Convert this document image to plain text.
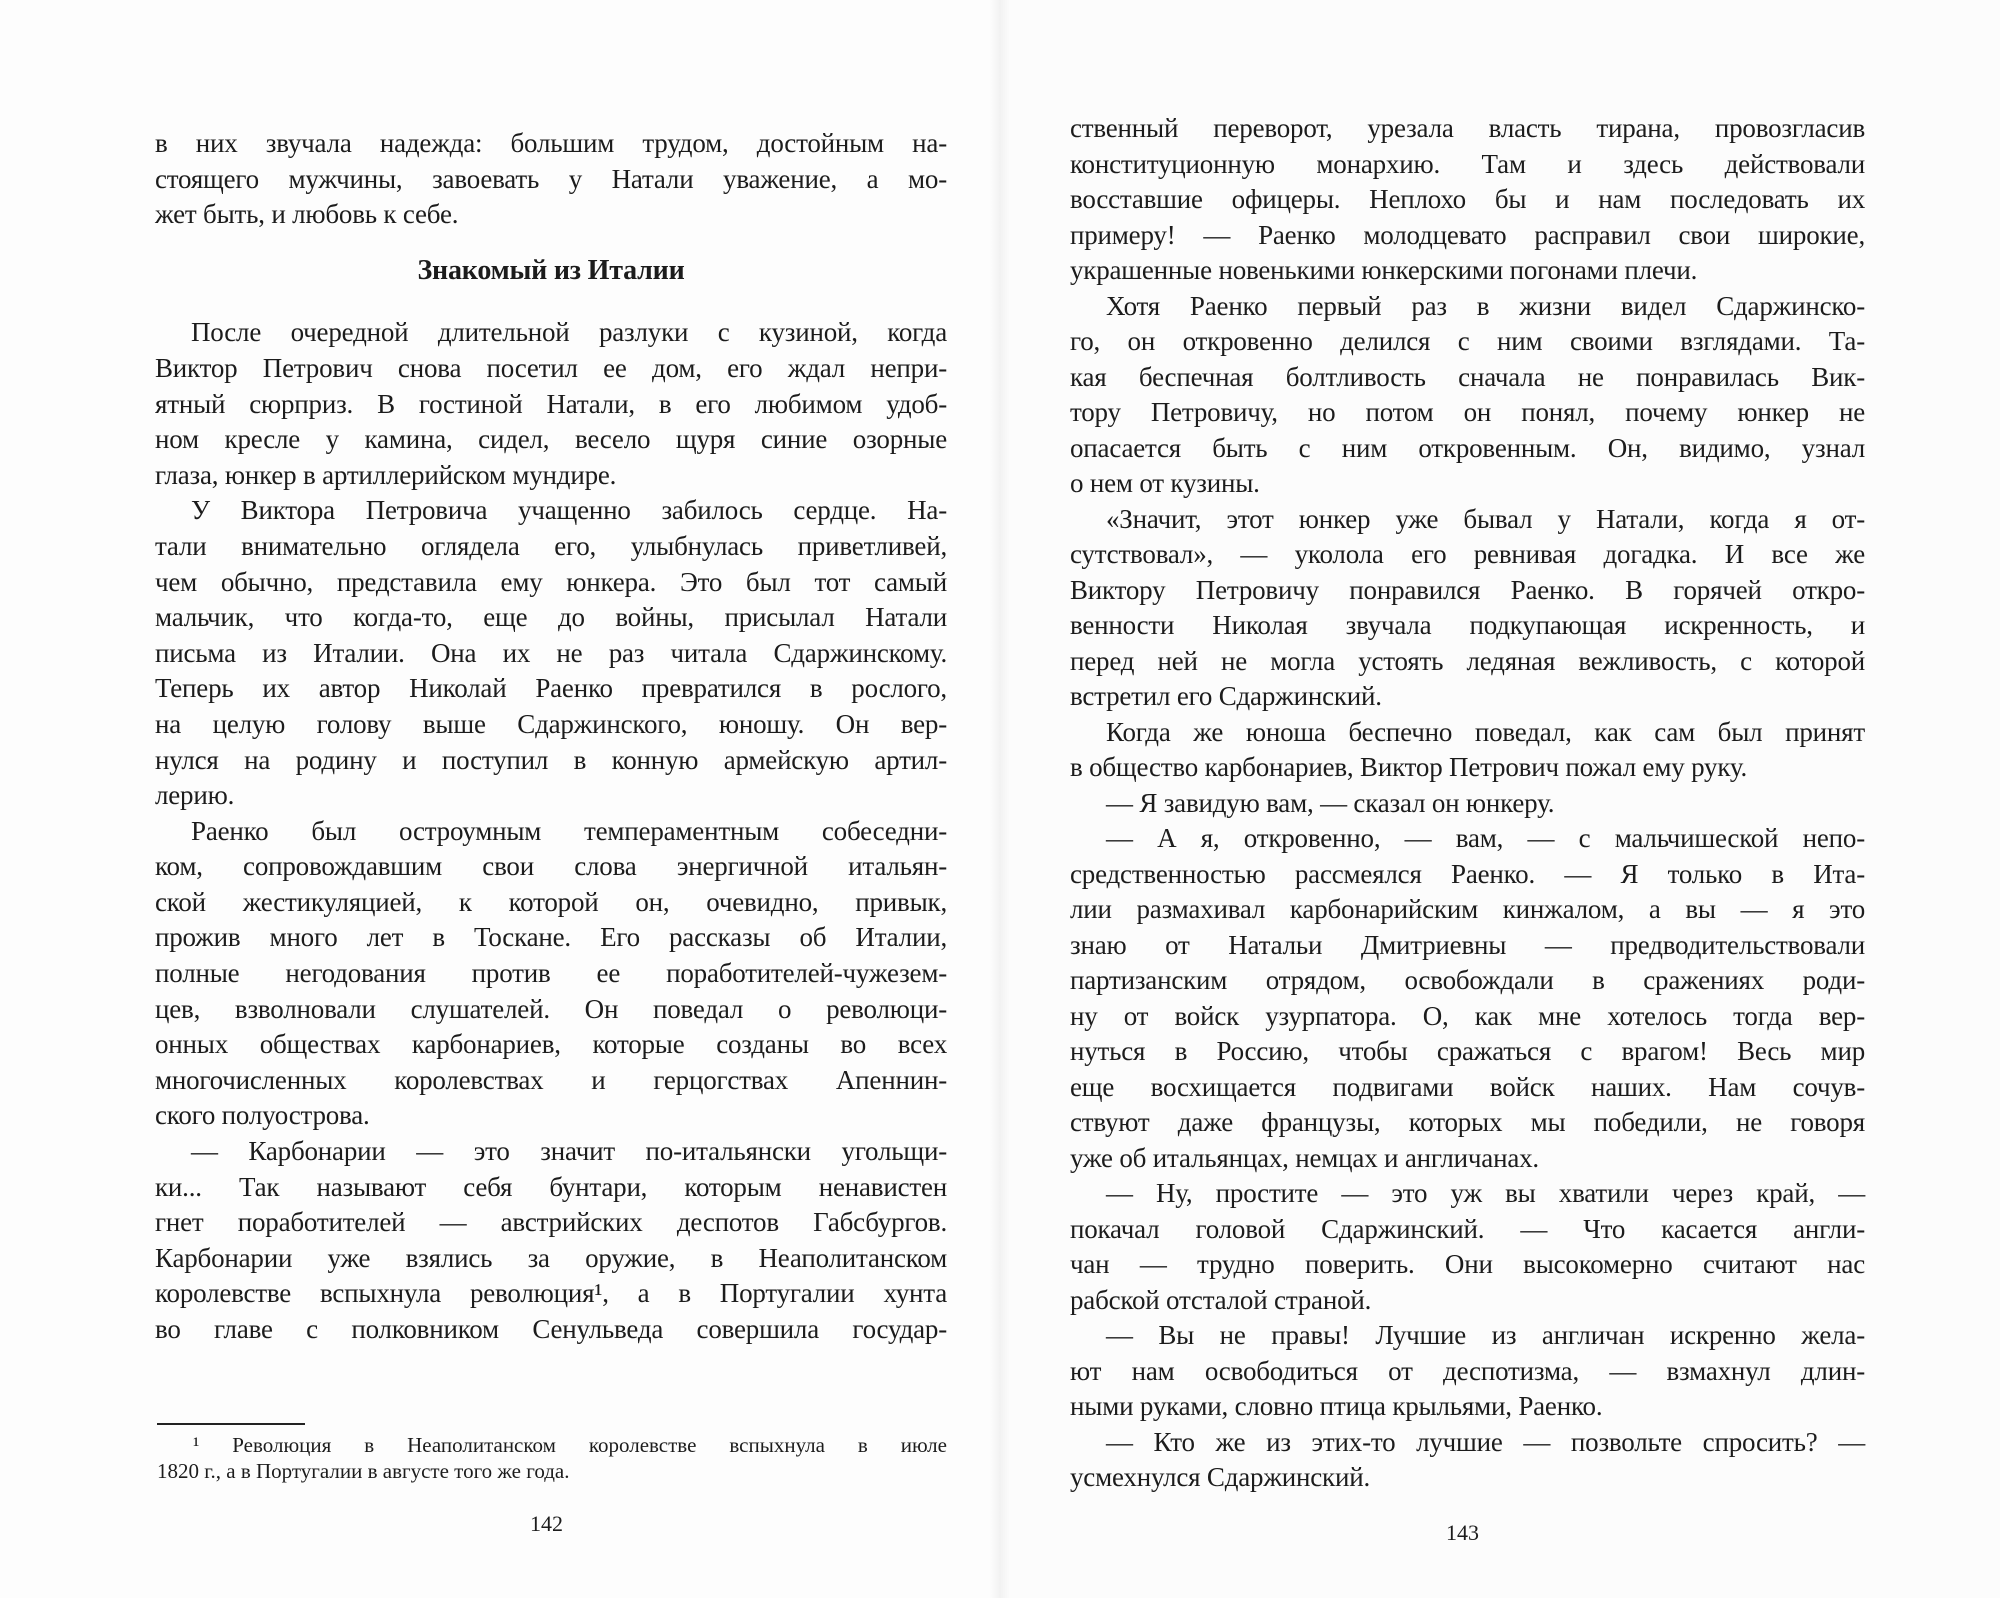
в них звучала надежда: большим трудом, достойным на-
стоящего мужчины, завоевать у Натали уважение, а мо-
жет быть, и любовь к себе.
Знакомый из Италии
После очередной длительной разлуки с кузиной, когда
Виктор Петрович снова посетил ее дом, его ждал непри-
ятный сюрприз. В гостиной Натали, в его любимом удоб-
ном кресле у камина, сидел, весело щуря синие озорные
глаза, юнкер в артиллерийском мундире.
У Виктора Петровича учащенно забилось сердце. На-
тали внимательно оглядела его, улыбнулась приветливей,
чем обычно, представила ему юнкера. Это был тот самый
мальчик, что когда-то, еще до войны, присылал Натали
письма из Италии. Она их не раз читала Сдаржинскому.
Теперь их автор Николай Раенко превратился в рослого,
на целую голову выше Сдаржинского, юношу. Он вер-
нулся на родину и поступил в конную армейскую артил-
лерию.
Раенко был остроумным темпераментным собеседни-
ком, сопровождавшим свои слова энергичной итальян-
ской жестикуляцией, к которой он, очевидно, привык,
прожив много лет в Тоскане. Его рассказы об Италии,
полные негодования против ее поработителей-чужезем-
цев, взволновали слушателей. Он поведал о революци-
онных обществах карбонариев, которые созданы во всех
многочисленных королевствах и герцогствах Апеннин-
ского полуострова.
— Карбонарии — это значит по-итальянски угольщи-
ки... Так называют себя бунтари, которым ненавистен
гнет поработителей — австрийских деспотов Габсбургов.
Карбонарии уже взялись за оружие, в Неаполитанском
королевстве вспыхнула революция¹, а в Португалии хунта
во главе с полковником Сенульведа совершила государ-
¹ Революция в Неаполитанском королевстве вспыхнула в июле
1820 г., а в Португалии в августе того же года.
142
ственный переворот, урезала власть тирана, провозгласив
конституционную монархию. Там и здесь действовали
восставшие офицеры. Неплохо бы и нам последовать их
примеру! — Раенко молодцевато расправил свои широкие,
украшенные новенькими юнкерскими погонами плечи.
Хотя Раенко первый раз в жизни видел Сдаржинско-
го, он откровенно делился с ним своими взглядами. Та-
кая беспечная болтливость сначала не понравилась Вик-
тору Петровичу, но потом он понял, почему юнкер не
опасается быть с ним откровенным. Он, видимо, узнал
о нем от кузины.
«Значит, этот юнкер уже бывал у Натали, когда я от-
сутствовал», — уколола его ревнивая догадка. И все же
Виктору Петровичу понравился Раенко. В горячей откро-
венности Николая звучала подкупающая искренность, и
перед ней не могла устоять ледяная вежливость, с которой
встретил его Сдаржинский.
Когда же юноша беспечно поведал, как сам был принят
в общество карбонариев, Виктор Петрович пожал ему руку.
— Я завидую вам, — сказал он юнкеру.
— А я, откровенно, — вам, — с мальчишеской непо-
средственностью рассмеялся Раенко. — Я только в Ита-
лии размахивал карбонарийским кинжалом, а вы — я это
знаю от Натальи Дмитриевны — предводительствовали
партизанским отрядом, освобождали в сражениях роди-
ну от войск узурпатора. О, как мне хотелось тогда вер-
нуться в Россию, чтобы сражаться с врагом! Весь мир
еще восхищается подвигами войск наших. Нам сочув-
ствуют даже французы, которых мы победили, не говоря
уже об итальянцах, немцах и англичанах.
— Ну, простите — это уж вы хватили через край, —
покачал головой Сдаржинский. — Что касается англи-
чан — трудно поверить. Они высокомерно считают нас
рабской отсталой страной.
— Вы не правы! Лучшие из англичан искренно жела-
ют нам освободиться от деспотизма, — взмахнул длин-
ными руками, словно птица крыльями, Раенко.
— Кто же из этих-то лучшие — позвольте спросить? —
усмехнулся Сдаржинский.
143
